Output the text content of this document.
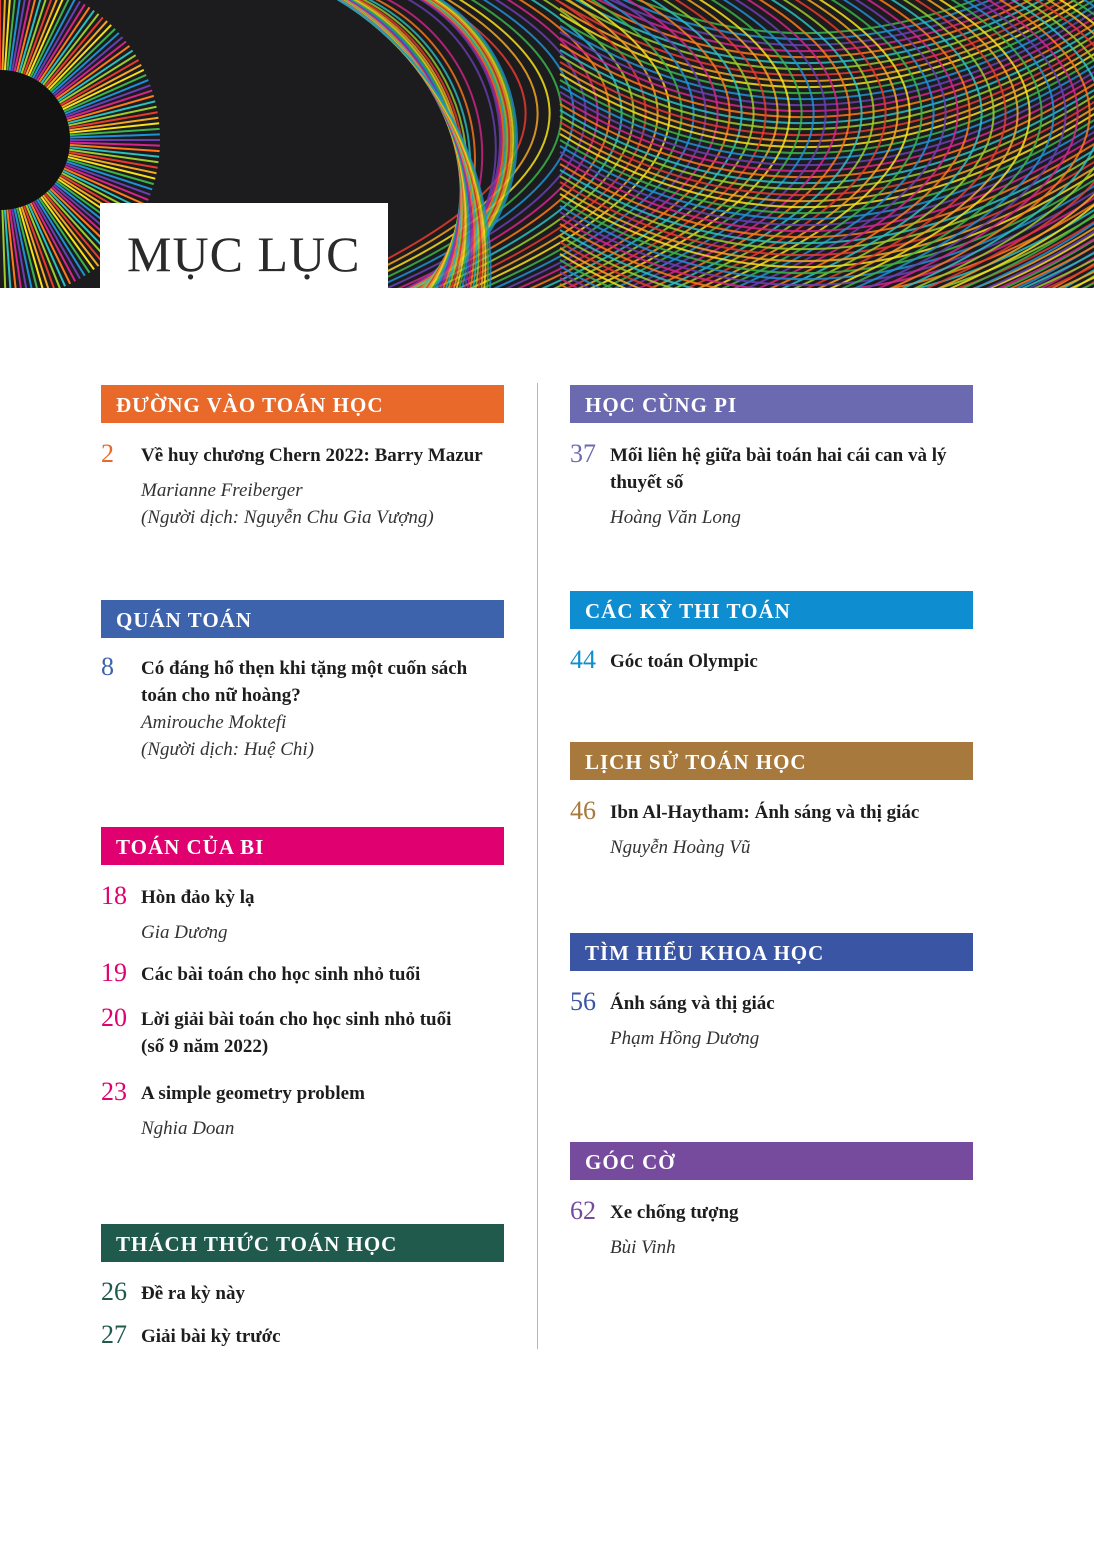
MỤC LỤC
ĐƯỜNG VÀO TOÁN HỌC
2 Về huy chương Chern 2022: Barry Mazur
Marianne Freiberger
(Người dịch: Nguyễn Chu Gia Vượng)
QUÁN TOÁN
8 Có đáng hổ thẹn khi tặng một cuốn sách toán cho nữ hoàng?
Amirouche Moktefi
(Người dịch: Huệ Chi)
TOÁN CỦA BI
18 Hòn đảo kỳ lạ
Gia Dương
19 Các bài toán cho học sinh nhỏ tuổi
20 Lời giải bài toán cho học sinh nhỏ tuổi (số 9 năm 2022)
23 A simple geometry problem
Nghia Doan
THÁCH THỨC TOÁN HỌC
26 Đề ra kỳ này
27 Giải bài kỳ trước
HỌC CÙNG PI
37 Mối liên hệ giữa bài toán hai cái can và lý thuyết số
Hoàng Văn Long
CÁC KỲ THI TOÁN
44 Góc toán Olympic
LỊCH SỬ TOÁN HỌC
46 Ibn Al-Haytham: Ánh sáng và thị giác
Nguyễn Hoàng Vũ
TÌM HIỂU KHOA HỌC
56 Ánh sáng và thị giác
Phạm Hồng Dương
GÓC CỜ
62 Xe chống tượng
Bùi Vinh
